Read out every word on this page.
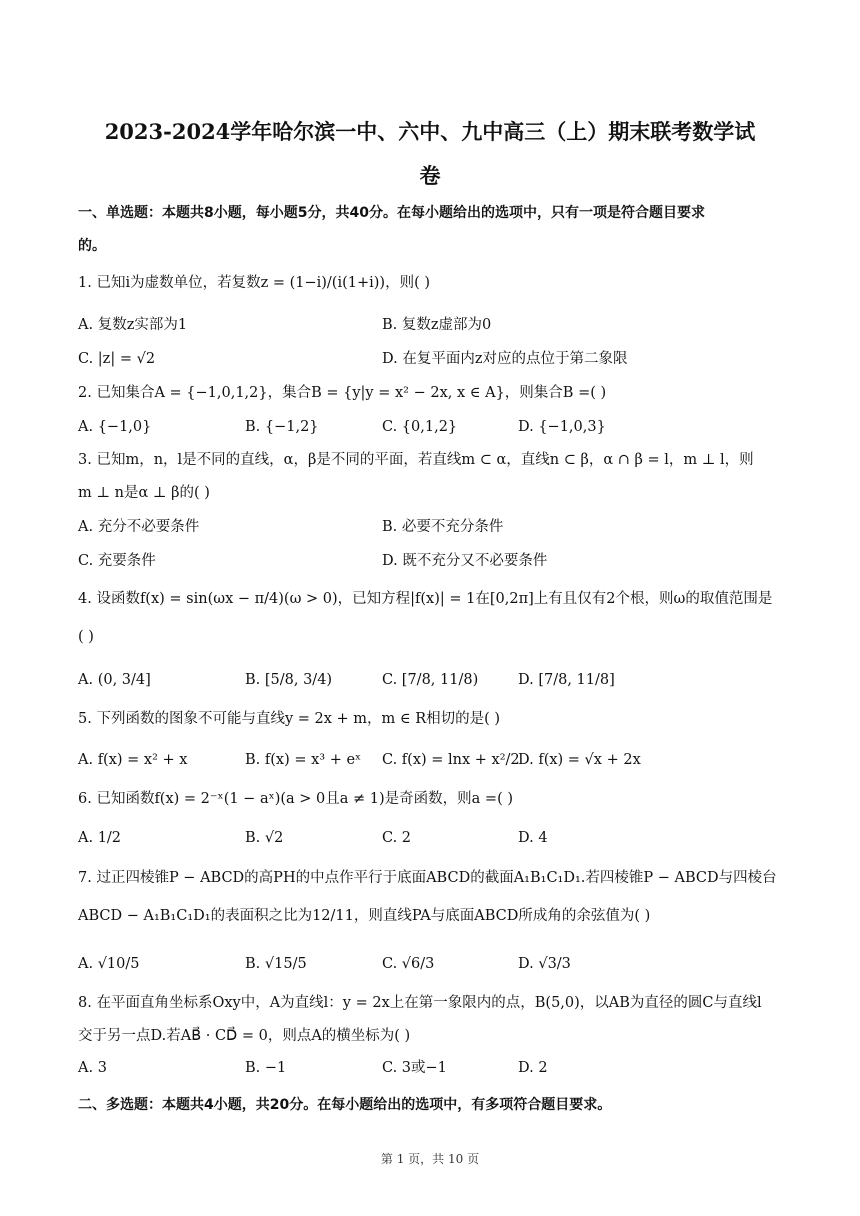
2023-2024学年哈尔滨一中、六中、九中高三（上）期末联考数学试
卷
一、单选题：本题共8小题，每小题5分，共40分。在每小题给出的选项中，只有一项是符合题目要求
的。
1. 已知i为虚数单位，若复数z = (1−i)/(i(1+i))，则( )
A. 复数z实部为1	B. 复数z虚部为0
C. |z| = √2	D. 在复平面内z对应的点位于第二象限
2. 已知集合A = {−1,0,1,2}，集合B = {y|y = x² − 2x, x ∈ A}，则集合B =( )
A. {−1,0}	B. {−1,2}	C. {0,1,2}	D. {−1,0,3}
3. 已知m，n，l是不同的直线，α，β是不同的平面，若直线m ⊂ α，直线n ⊂ β，α ∩ β = l，m ⊥ l，则
m ⊥ n是α ⊥ β的( )
A. 充分不必要条件	B. 必要不充分条件
C. 充要条件	D. 既不充分又不必要条件
4. 设函数f(x) = sin(ωx − π/4)(ω > 0)，已知方程|f(x)| = 1在[0,2π]上有且仅有2个根，则ω的取值范围是
( )
A. (0, 3/4]	B. [5/8, 3/4)	C. [7/8, 11/8)	D. [7/8, 11/8]
5. 下列函数的图象不可能与直线y = 2x + m，m ∈ R相切的是( )
A. f(x) = x² + x	B. f(x) = x³ + eˣ C. f(x) = lnx + x²/2
D. f(x) = √x + 2x
6. 已知函数f(x) = 2⁻ˣ(1 − aˣ)(a > 0且a ≠ 1)是奇函数，则a =( )
A. 1/2	B. √2	C. 2	D. 4
7. 过正四棱锥P − ABCD的高PH的中点作平行于底面ABCD的截面A₁B₁C₁D₁.若四棱锥P − ABCD与四棱台
ABCD − A₁B₁C₁D₁的表面积之比为12/11，则直线PA与底面ABCD所成角的余弦值为( )
A. √10/5	B. √15/5	C. √6/3	D. √3/3
8. 在平面直角坐标系Oxy中，A为直线l：y = 2x上在第一象限内的点，B(5,0)，以AB为直径的圆C与直线l
交于另一点D.若AB⃗ · CD⃗ = 0，则点A的横坐标为( )
A. 3	B. −1	C. 3或−1	D. 2
二、多选题：本题共4小题，共20分。在每小题给出的选项中，有多项符合题目要求。
第 1 页，共 10 页
